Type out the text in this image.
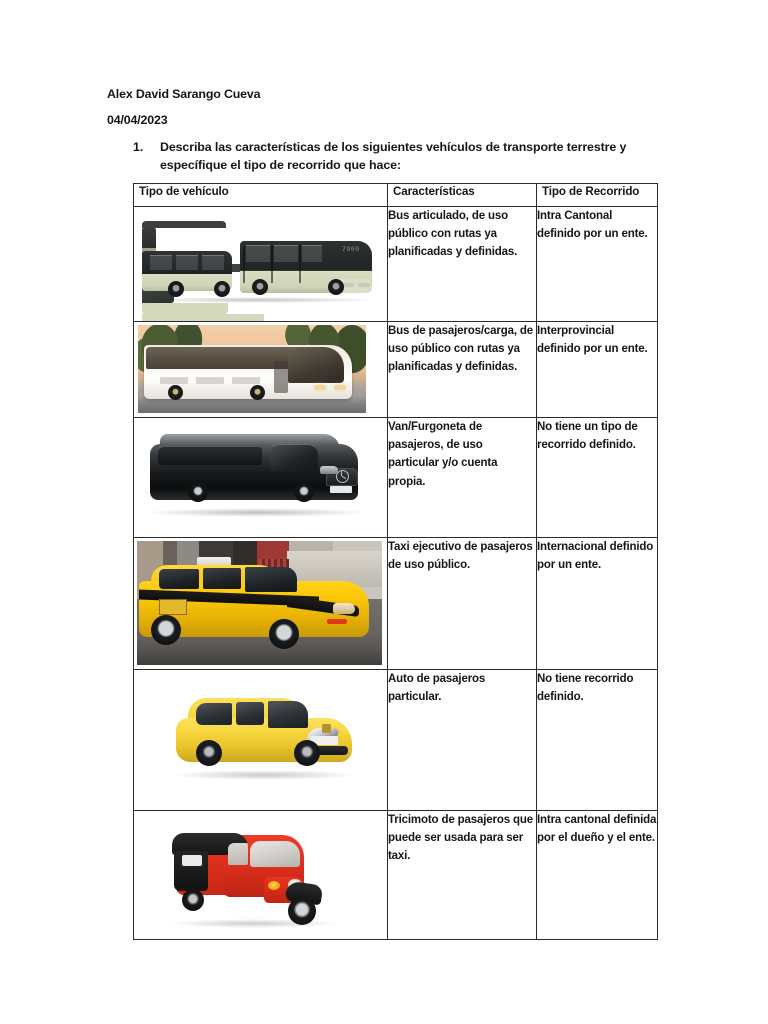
Alex David Sarango Cueva
04/04/2023
1.	Describa las características de los siguientes vehículos de transporte terrestre y específique el tipo de recorrido que hace:
Tipo de vehículo	Características	Tipo de Recorrido

7900	Bus articulado, de uso público con rutas ya planificadas y definidas.	Intra Cantonal definido por un ente.

	Bus de pasajeros/carga, de uso público con rutas ya planificadas y definidas.	Interprovincial definido por un ente.

	Van/Furgoneta de pasajeros, de uso particular y/o cuenta propia.	No tiene un tipo de recorrido definido.

	Taxi ejecutivo de pasajeros de uso público.	Internacional definido por un ente.

	Auto de pasajeros particular.	No tiene recorrido definido.

	Tricimoto de pasajeros que puede ser usada para ser taxi.	Intra cantonal definida por el dueño y el ente.
